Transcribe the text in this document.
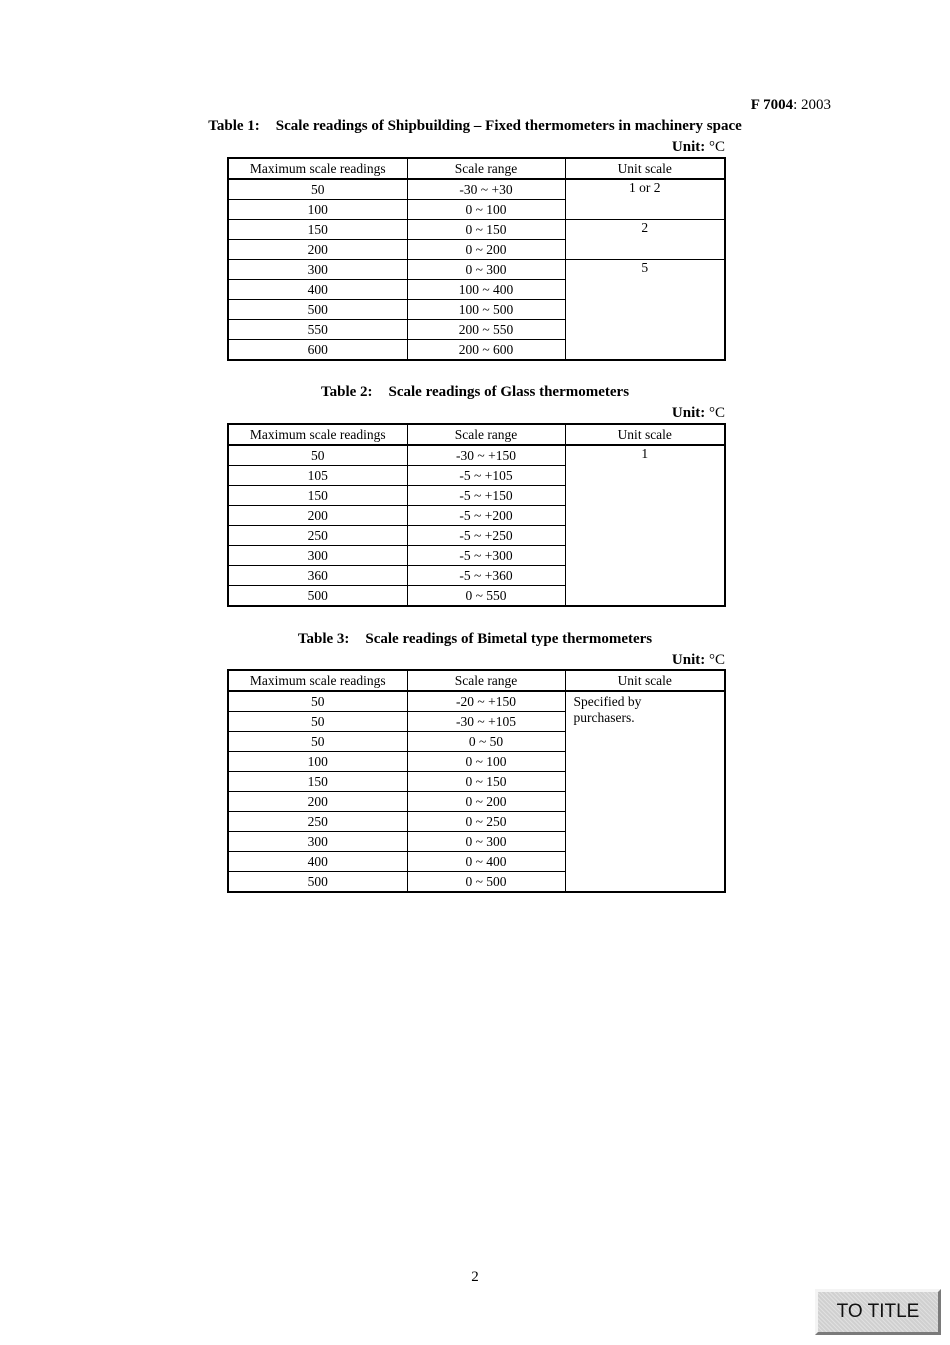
F 7004: 2003
Table 1: Scale readings of Shipbuilding – Fixed thermometers in machinery space
Unit: °C
Maximum scale readings	Scale range	Unit scale
50	-30 ~ +30	1 or 2
100	0 ~ 100	
150	0 ~ 150	2
200	0 ~ 200	
300	0 ~ 300	5
400	100 ~ 400	
500	100 ~ 500	
550	200 ~ 550	
600	200 ~ 600	
Table 2: Scale readings of Glass thermometers
Unit: °C
Maximum scale readings	Scale range	Unit scale
50	-30 ~ +150	1
105	-5 ~ +105	
150	-5 ~ +150	
200	-5 ~ +200	
250	-5 ~ +250	
300	-5 ~ +300	
360	-5 ~ +360	
500	0 ~ 550	
Table 3: Scale readings of Bimetal type thermometers
Unit: °C
Maximum scale readings	Scale range	Unit scale
50	-20 ~ +150	Specified by purchasers.

50	-30 ~ +105	
50	0 ~ 50	
100	0 ~ 100	
150	0 ~ 150	
200	0 ~ 200	
250	0 ~ 250	
300	0 ~ 300	
400	0 ~ 400	
500	0 ~ 500	
2
TO TITLE
